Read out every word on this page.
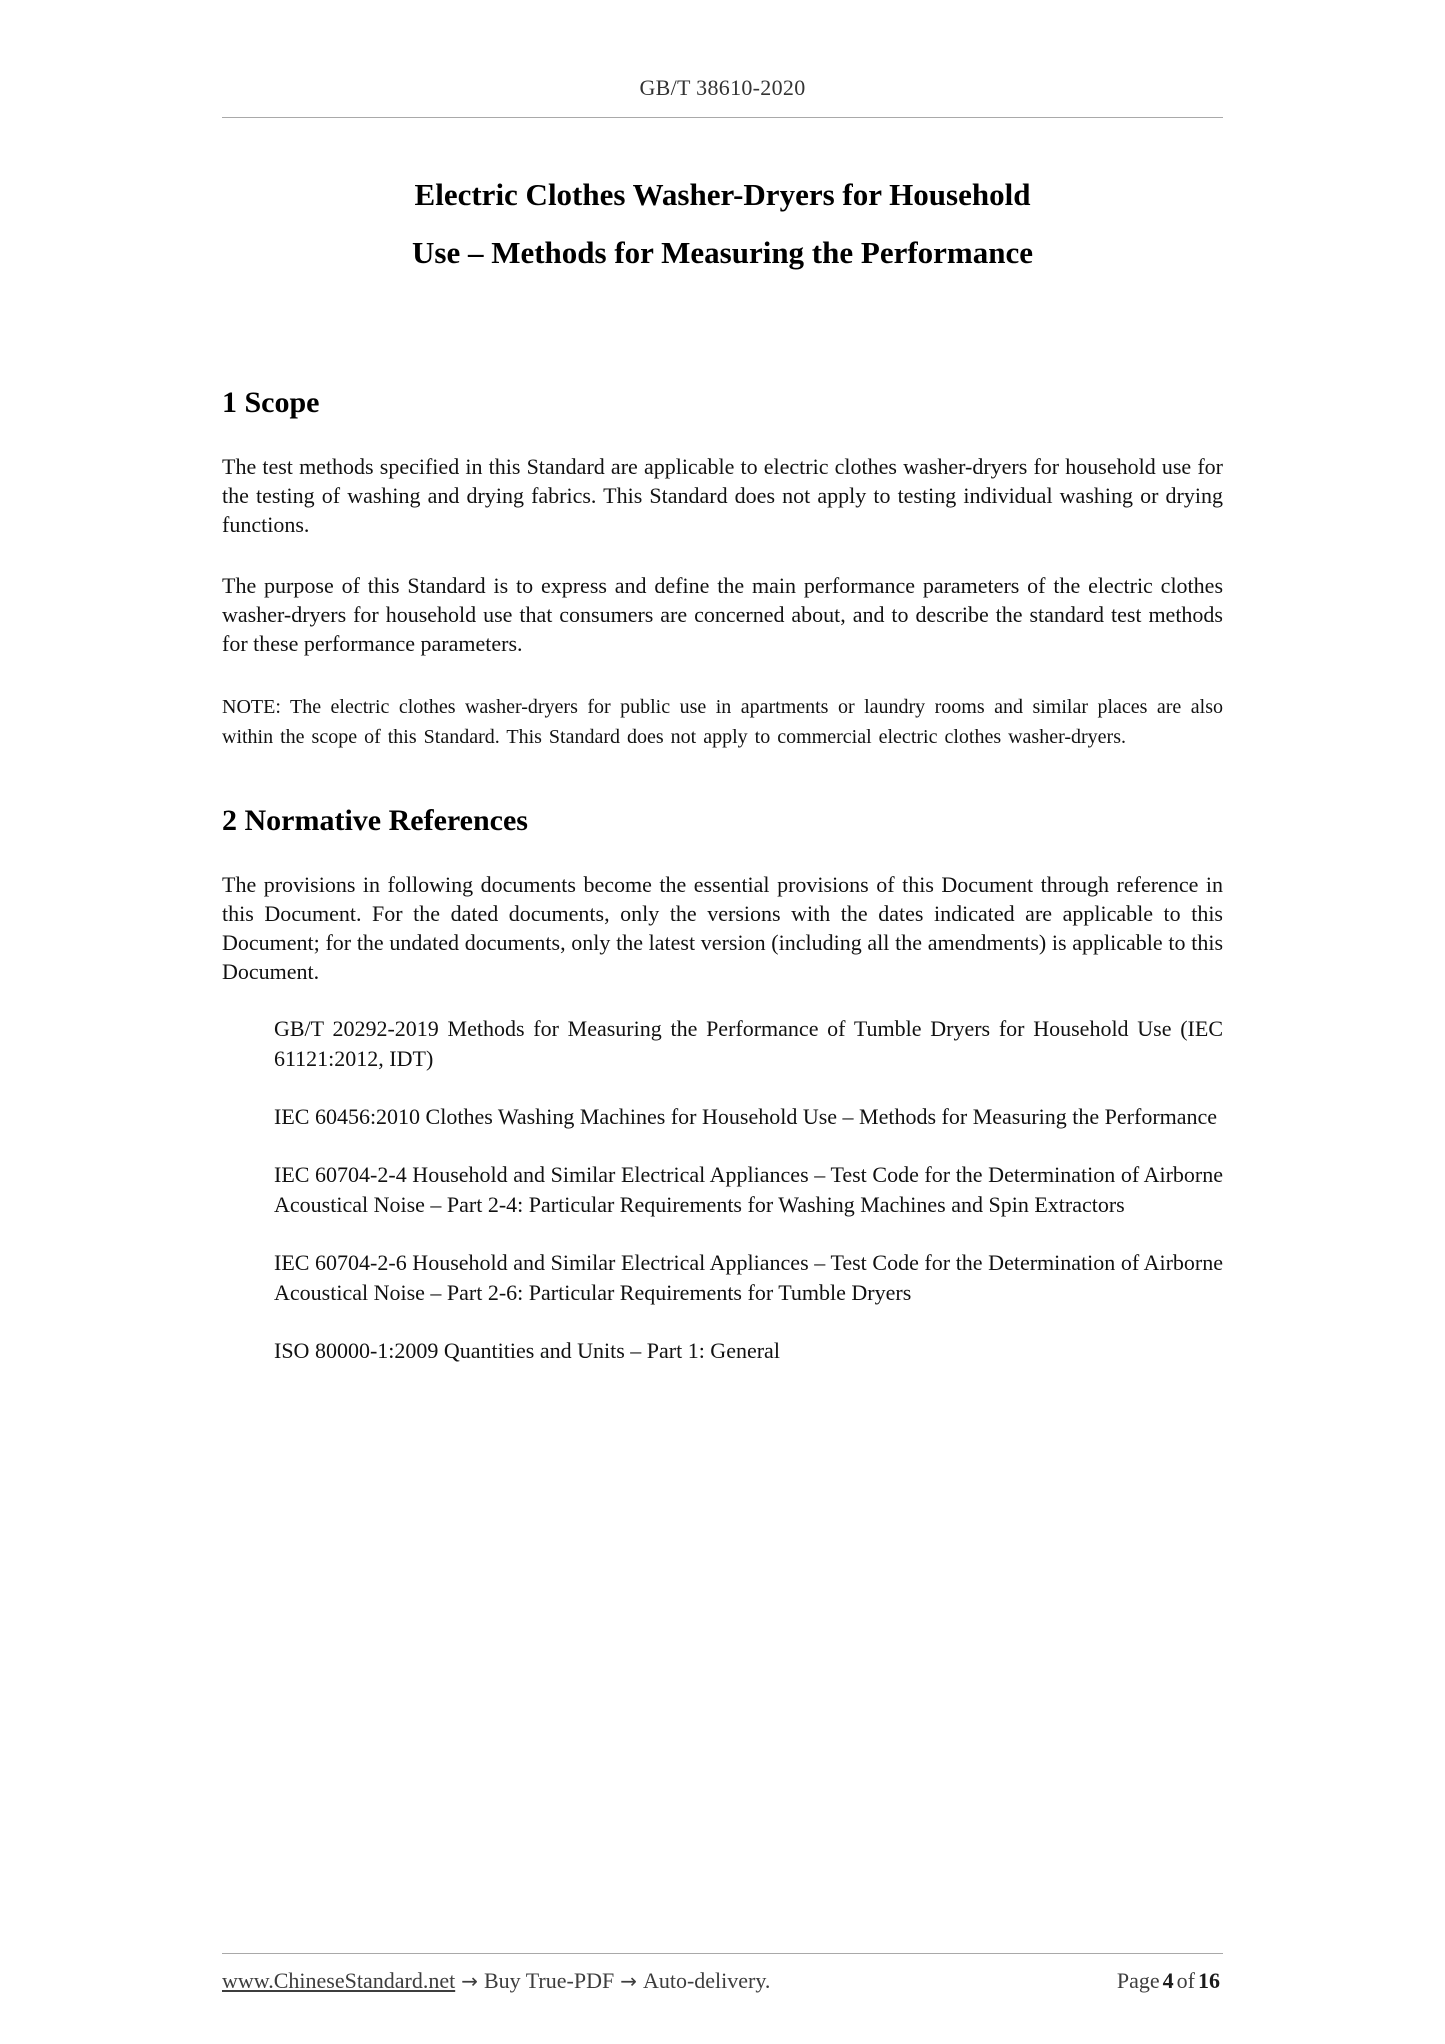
GB/T 38610-2020
Electric Clothes Washer-Dryers for Household
Use – Methods for Measuring the Performance
1 Scope

The test methods specified in this Standard are applicable to electric clothes washer-dryers for household use for the testing of washing and drying fabrics. This Standard does not apply to testing individual washing or drying functions.

The purpose of this Standard is to express and define the main performance parameters of the electric clothes washer-dryers for household use that consumers are concerned about, and to describe the standard test methods for these performance parameters.

NOTE: The electric clothes washer-dryers for public use in apartments or laundry rooms and similar places are also within the scope of this Standard. This Standard does not apply to commercial electric clothes washer-dryers.

2 Normative References

The provisions in following documents become the essential provisions of this Document through reference in this Document. For the dated documents, only the versions with the dates indicated are applicable to this Document; for the undated documents, only the latest version (including all the amendments) is applicable to this Document.

GB/T 20292-2019 Methods for Measuring the Performance of Tumble Dryers for Household Use (IEC 61121:2012, IDT)

IEC 60456:2010 Clothes Washing Machines for Household Use – Methods for Measuring the Performance

IEC 60704-2-4 Household and Similar Electrical Appliances – Test Code for the Determination of Airborne Acoustical Noise – Part 2-4: Particular Requirements for Washing Machines and Spin Extractors

IEC 60704-2-6 Household and Similar Electrical Appliances – Test Code for the Determination of Airborne Acoustical Noise – Part 2-6: Particular Requirements for Tumble Dryers

ISO 80000-1:2009 Quantities and Units – Part 1: General

www.ChineseStandard.net → Buy True-PDF → Auto-delivery.	Page 4 of 16
